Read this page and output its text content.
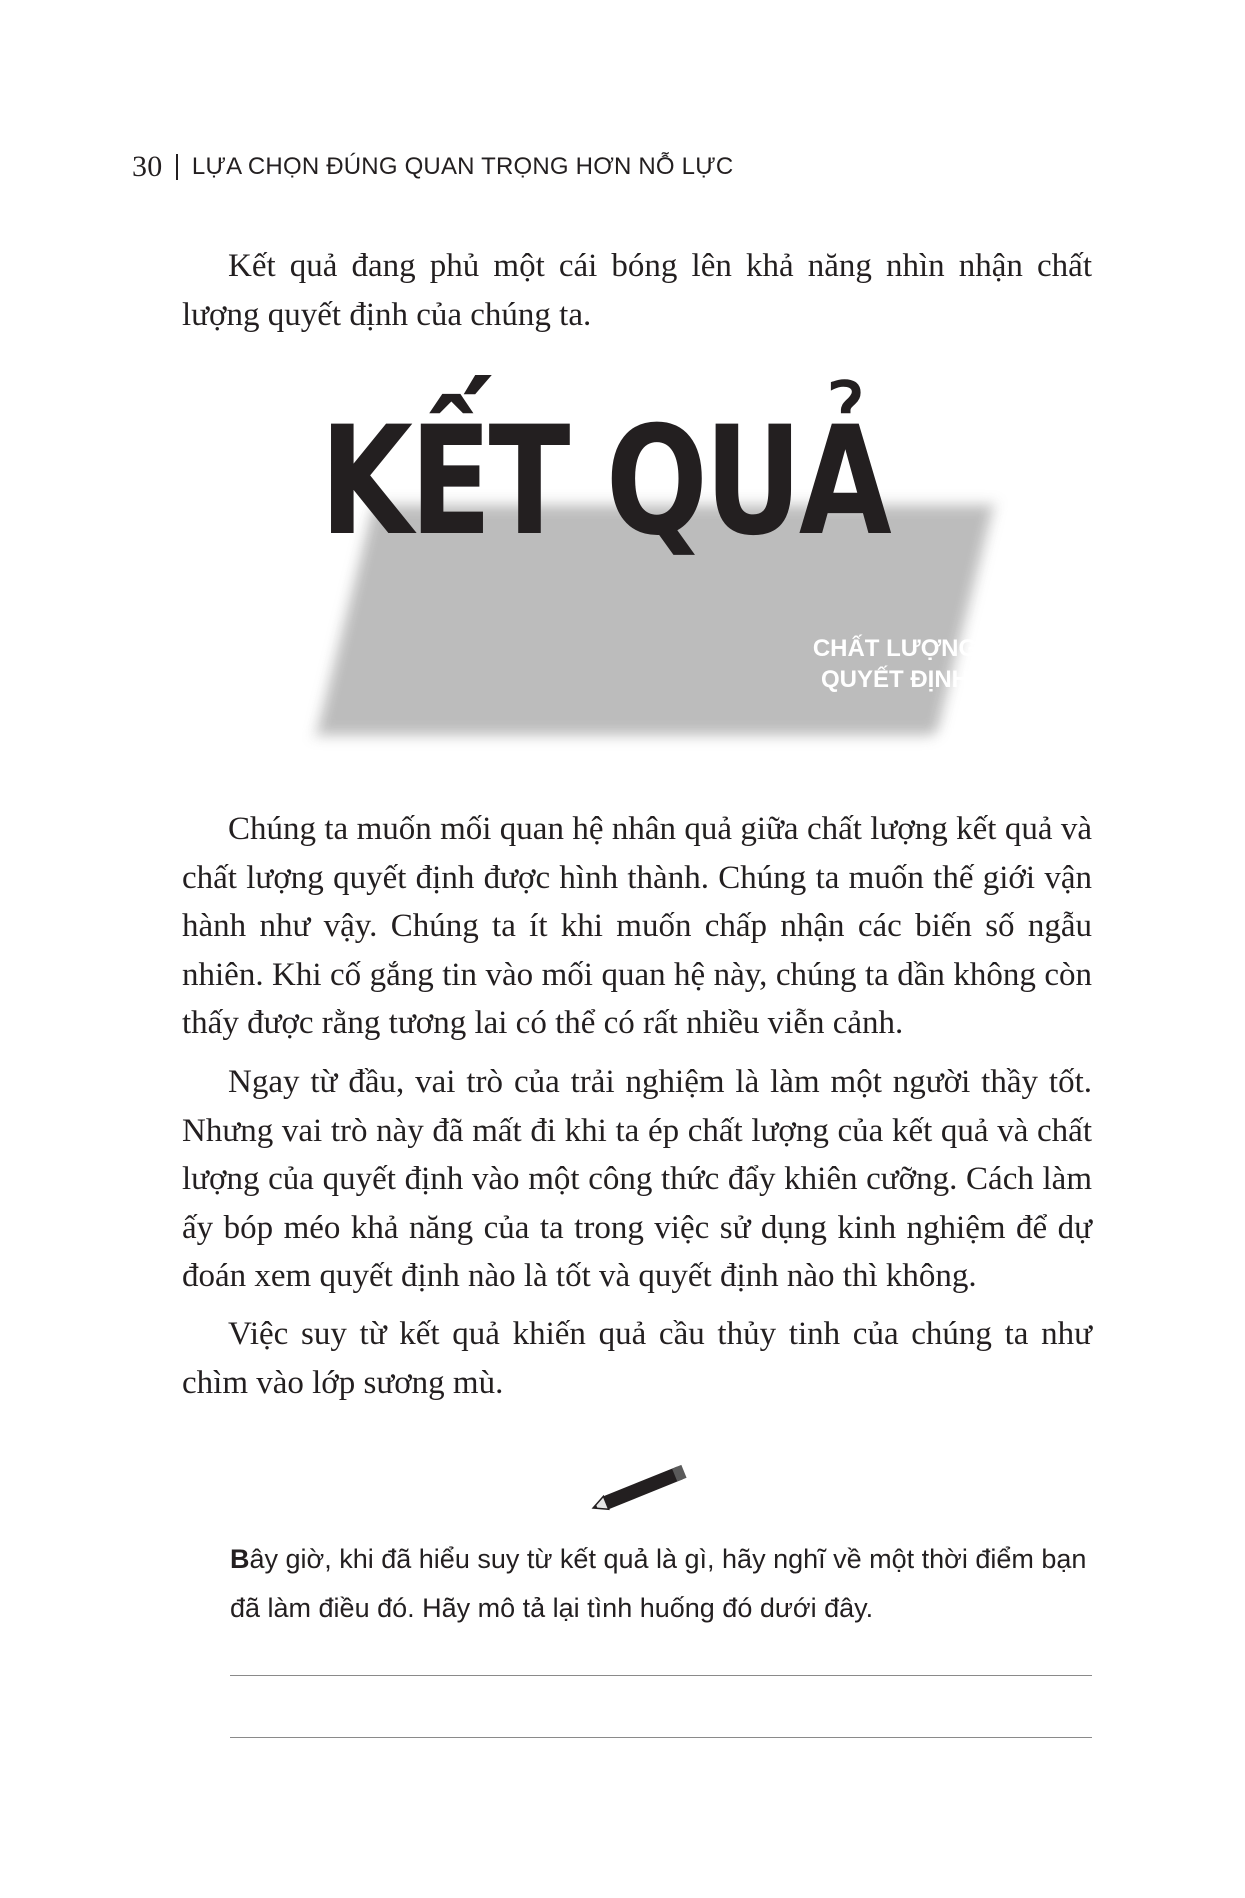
30 LỰA CHỌN ĐÚNG QUAN TRỌNG HƠN NỖ LỰC

Kết quả đang phủ một cái bóng lên khả năng nhìn nhận chất lượng quyết định của chúng ta.

KẾT QUẢ
CHẤT LƯỢNG
QUYẾT ĐỊNH

Chúng ta muốn mối quan hệ nhân quả giữa chất lượng kết quả và chất lượng quyết định được hình thành. Chúng ta muốn thế giới vận hành như vậy. Chúng ta ít khi muốn chấp nhận các biến số ngẫu nhiên. Khi cố gắng tin vào mối quan hệ này, chúng ta dần không còn thấy được rằng tương lai có thể có rất nhiều viễn cảnh.

Ngay từ đầu, vai trò của trải nghiệm là làm một người thầy tốt. Nhưng vai trò này đã mất đi khi ta ép chất lượng của kết quả và chất lượng của quyết định vào một công thức đẩy khiên cưỡng. Cách làm ấy bóp méo khả năng của ta trong việc sử dụng kinh nghiệm để dự đoán xem quyết định nào là tốt và quyết định nào thì không.

Việc suy từ kết quả khiến quả cầu thủy tinh của chúng ta như chìm vào lớp sương mù.

Bây giờ, khi đã hiểu suy từ kết quả là gì, hãy nghĩ về một thời điểm bạn đã làm điều đó. Hãy mô tả lại tình huống đó dưới đây.
